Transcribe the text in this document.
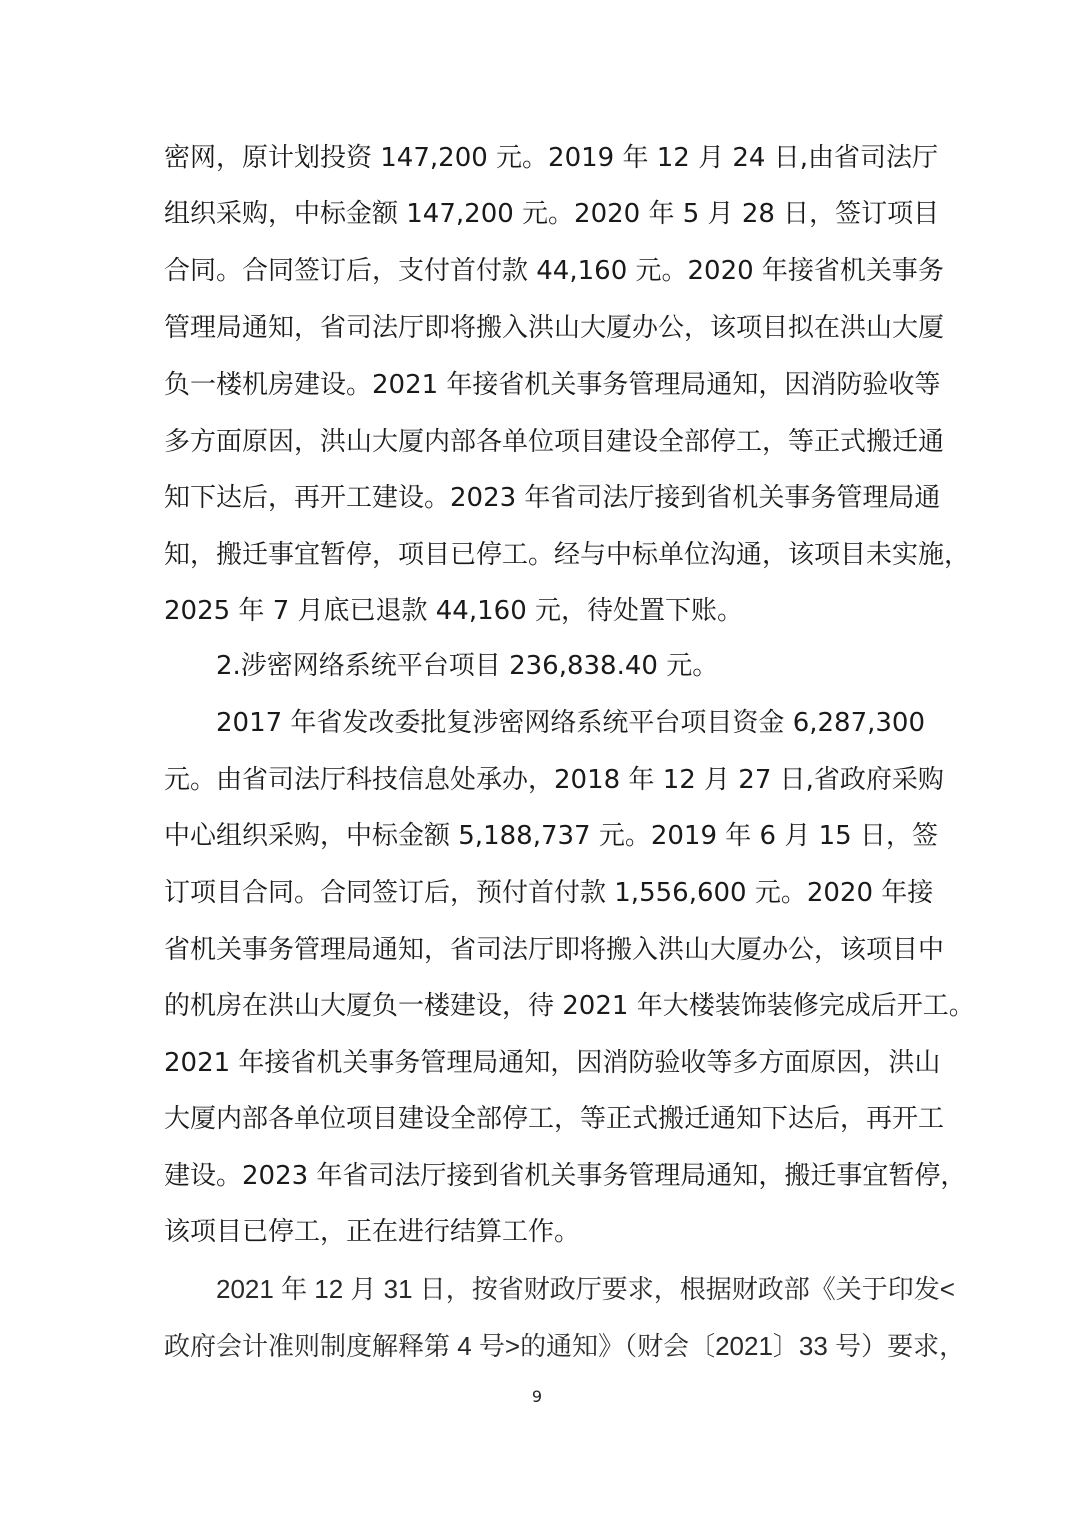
密网，原计划投资 147,200 元。2019 年 12 月 24 日,由省司法厅
组织采购，中标金额 147,200 元。2020 年 5 月 28 日，签订项目
合同。合同签订后，支付首付款 44,160 元。2020 年接省机关事务
管理局通知，省司法厅即将搬入洪山大厦办公，该项目拟在洪山大厦
负一楼机房建设。2021 年接省机关事务管理局通知，因消防验收等
多方面原因，洪山大厦内部各单位项目建设全部停工，等正式搬迁通
知下达后，再开工建设。2023 年省司法厅接到省机关事务管理局通
知，搬迁事宜暂停，项目已停工。经与中标单位沟通，该项目未实施，
2025 年 7 月底已退款 44,160 元，待处置下账。
2.涉密网络系统平台项目 236,838.40 元。
2017 年省发改委批复涉密网络系统平台项目资金 6,287,300
元。由省司法厅科技信息处承办，2018 年 12 月 27 日,省政府采购
中心组织采购，中标金额 5,188,737 元。2019 年 6 月 15 日，签
订项目合同。合同签订后，预付首付款 1,556,600 元。2020 年接
省机关事务管理局通知，省司法厅即将搬入洪山大厦办公，该项目中
的机房在洪山大厦负一楼建设，待 2021 年大楼装饰装修完成后开工。
2021 年接省机关事务管理局通知，因消防验收等多方面原因，洪山
大厦内部各单位项目建设全部停工，等正式搬迁通知下达后，再开工
建设。2023 年省司法厅接到省机关事务管理局通知，搬迁事宜暂停，
该项目已停工，正在进行结算工作。
2021 年 12 月 31 日，按省财政厅要求，根据财政部《关于印发<
政府会计准则制度解释第 4 号>的通知》（财会〔2021〕33 号）要求，
9
